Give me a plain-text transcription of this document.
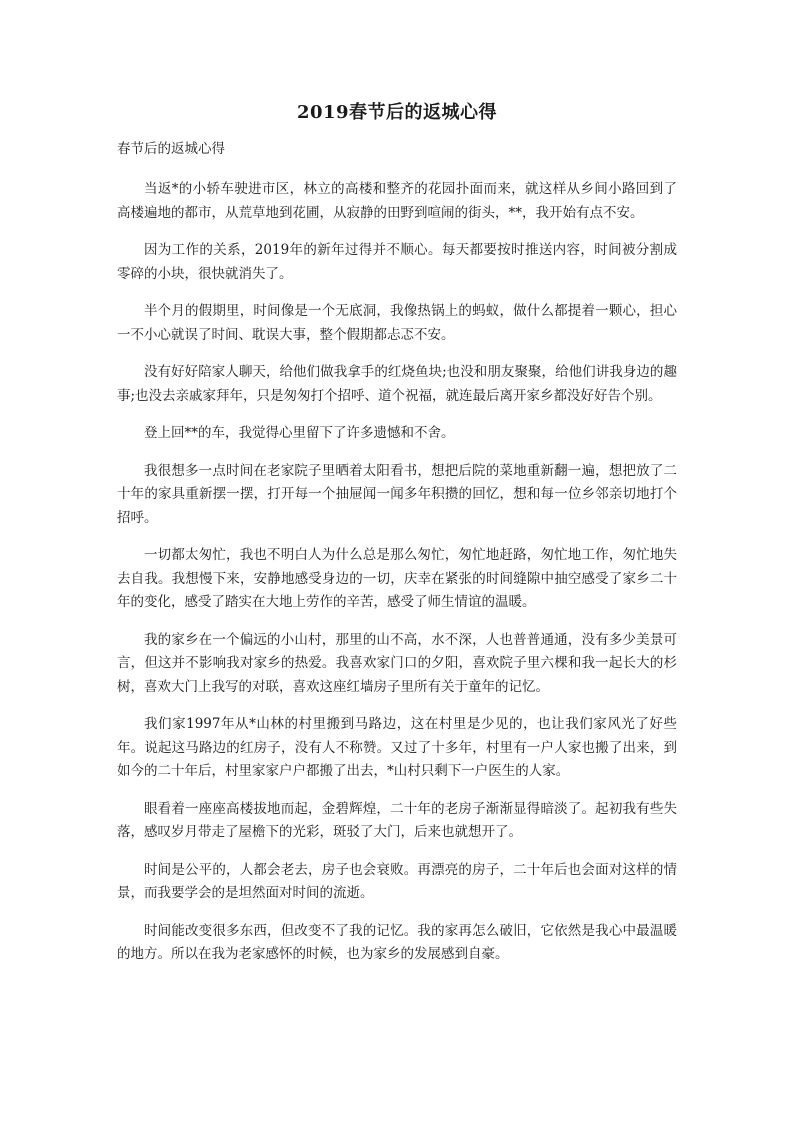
2019春节后的返城心得
春节后的返城心得

当返*的小轿车驶进市区，林立的高楼和整齐的花园扑面而来，就这样从乡间小路回到了高楼遍地的都市，从荒草地到花圃，从寂静的田野到喧闹的街头，**，我开始有点不安。

因为工作的关系，2019年的新年过得并不顺心。每天都要按时推送内容，时间被分割成零碎的小块，很快就消失了。

半个月的假期里，时间像是一个无底洞，我像热锅上的蚂蚁，做什么都提着一颗心，担心一不小心就误了时间、耽误大事，整个假期都忐忑不安。

没有好好陪家人聊天，给他们做我拿手的红烧鱼块;也没和朋友聚聚，给他们讲我身边的趣事;也没去亲戚家拜年，只是匆匆打个招呼、道个祝福，就连最后离开家乡都没好好告个别。

登上回**的车，我觉得心里留下了许多遗憾和不舍。

我很想多一点时间在老家院子里晒着太阳看书，想把后院的菜地重新翻一遍，想把放了二十年的家具重新摆一摆，打开每一个抽屉闻一闻多年积攒的回忆，想和每一位乡邻亲切地打个招呼。

一切都太匆忙，我也不明白人为什么总是那么匆忙，匆忙地赶路，匆忙地工作，匆忙地失去自我。我想慢下来，安静地感受身边的一切，庆幸在紧张的时间缝隙中抽空感受了家乡二十年的变化，感受了踏实在大地上劳作的辛苦，感受了师生情谊的温暖。

我的家乡在一个偏远的小山村，那里的山不高，水不深，人也普普通通，没有多少美景可言，但这并不影响我对家乡的热爱。我喜欢家门口的夕阳，喜欢院子里六棵和我一起长大的杉树，喜欢大门上我写的对联，喜欢这座红墙房子里所有关于童年的记忆。

我们家1997年从*山林的村里搬到马路边，这在村里是少见的，也让我们家风光了好些年。说起这马路边的红房子，没有人不称赞。又过了十多年，村里有一户人家也搬了出来，到如今的二十年后，村里家家户户都搬了出去，*山村只剩下一户医生的人家。

眼看着一座座高楼拔地而起，金碧辉煌，二十年的老房子渐渐显得暗淡了。起初我有些失落，感叹岁月带走了屋檐下的光彩，斑驳了大门，后来也就想开了。

时间是公平的，人都会老去，房子也会衰败。再漂亮的房子，二十年后也会面对这样的情景，而我要学会的是坦然面对时间的流逝。

时间能改变很多东西，但改变不了我的记忆。我的家再怎么破旧，它依然是我心中最温暖的地方。所以在我为老家感怀的时候，也为家乡的发展感到自豪。
